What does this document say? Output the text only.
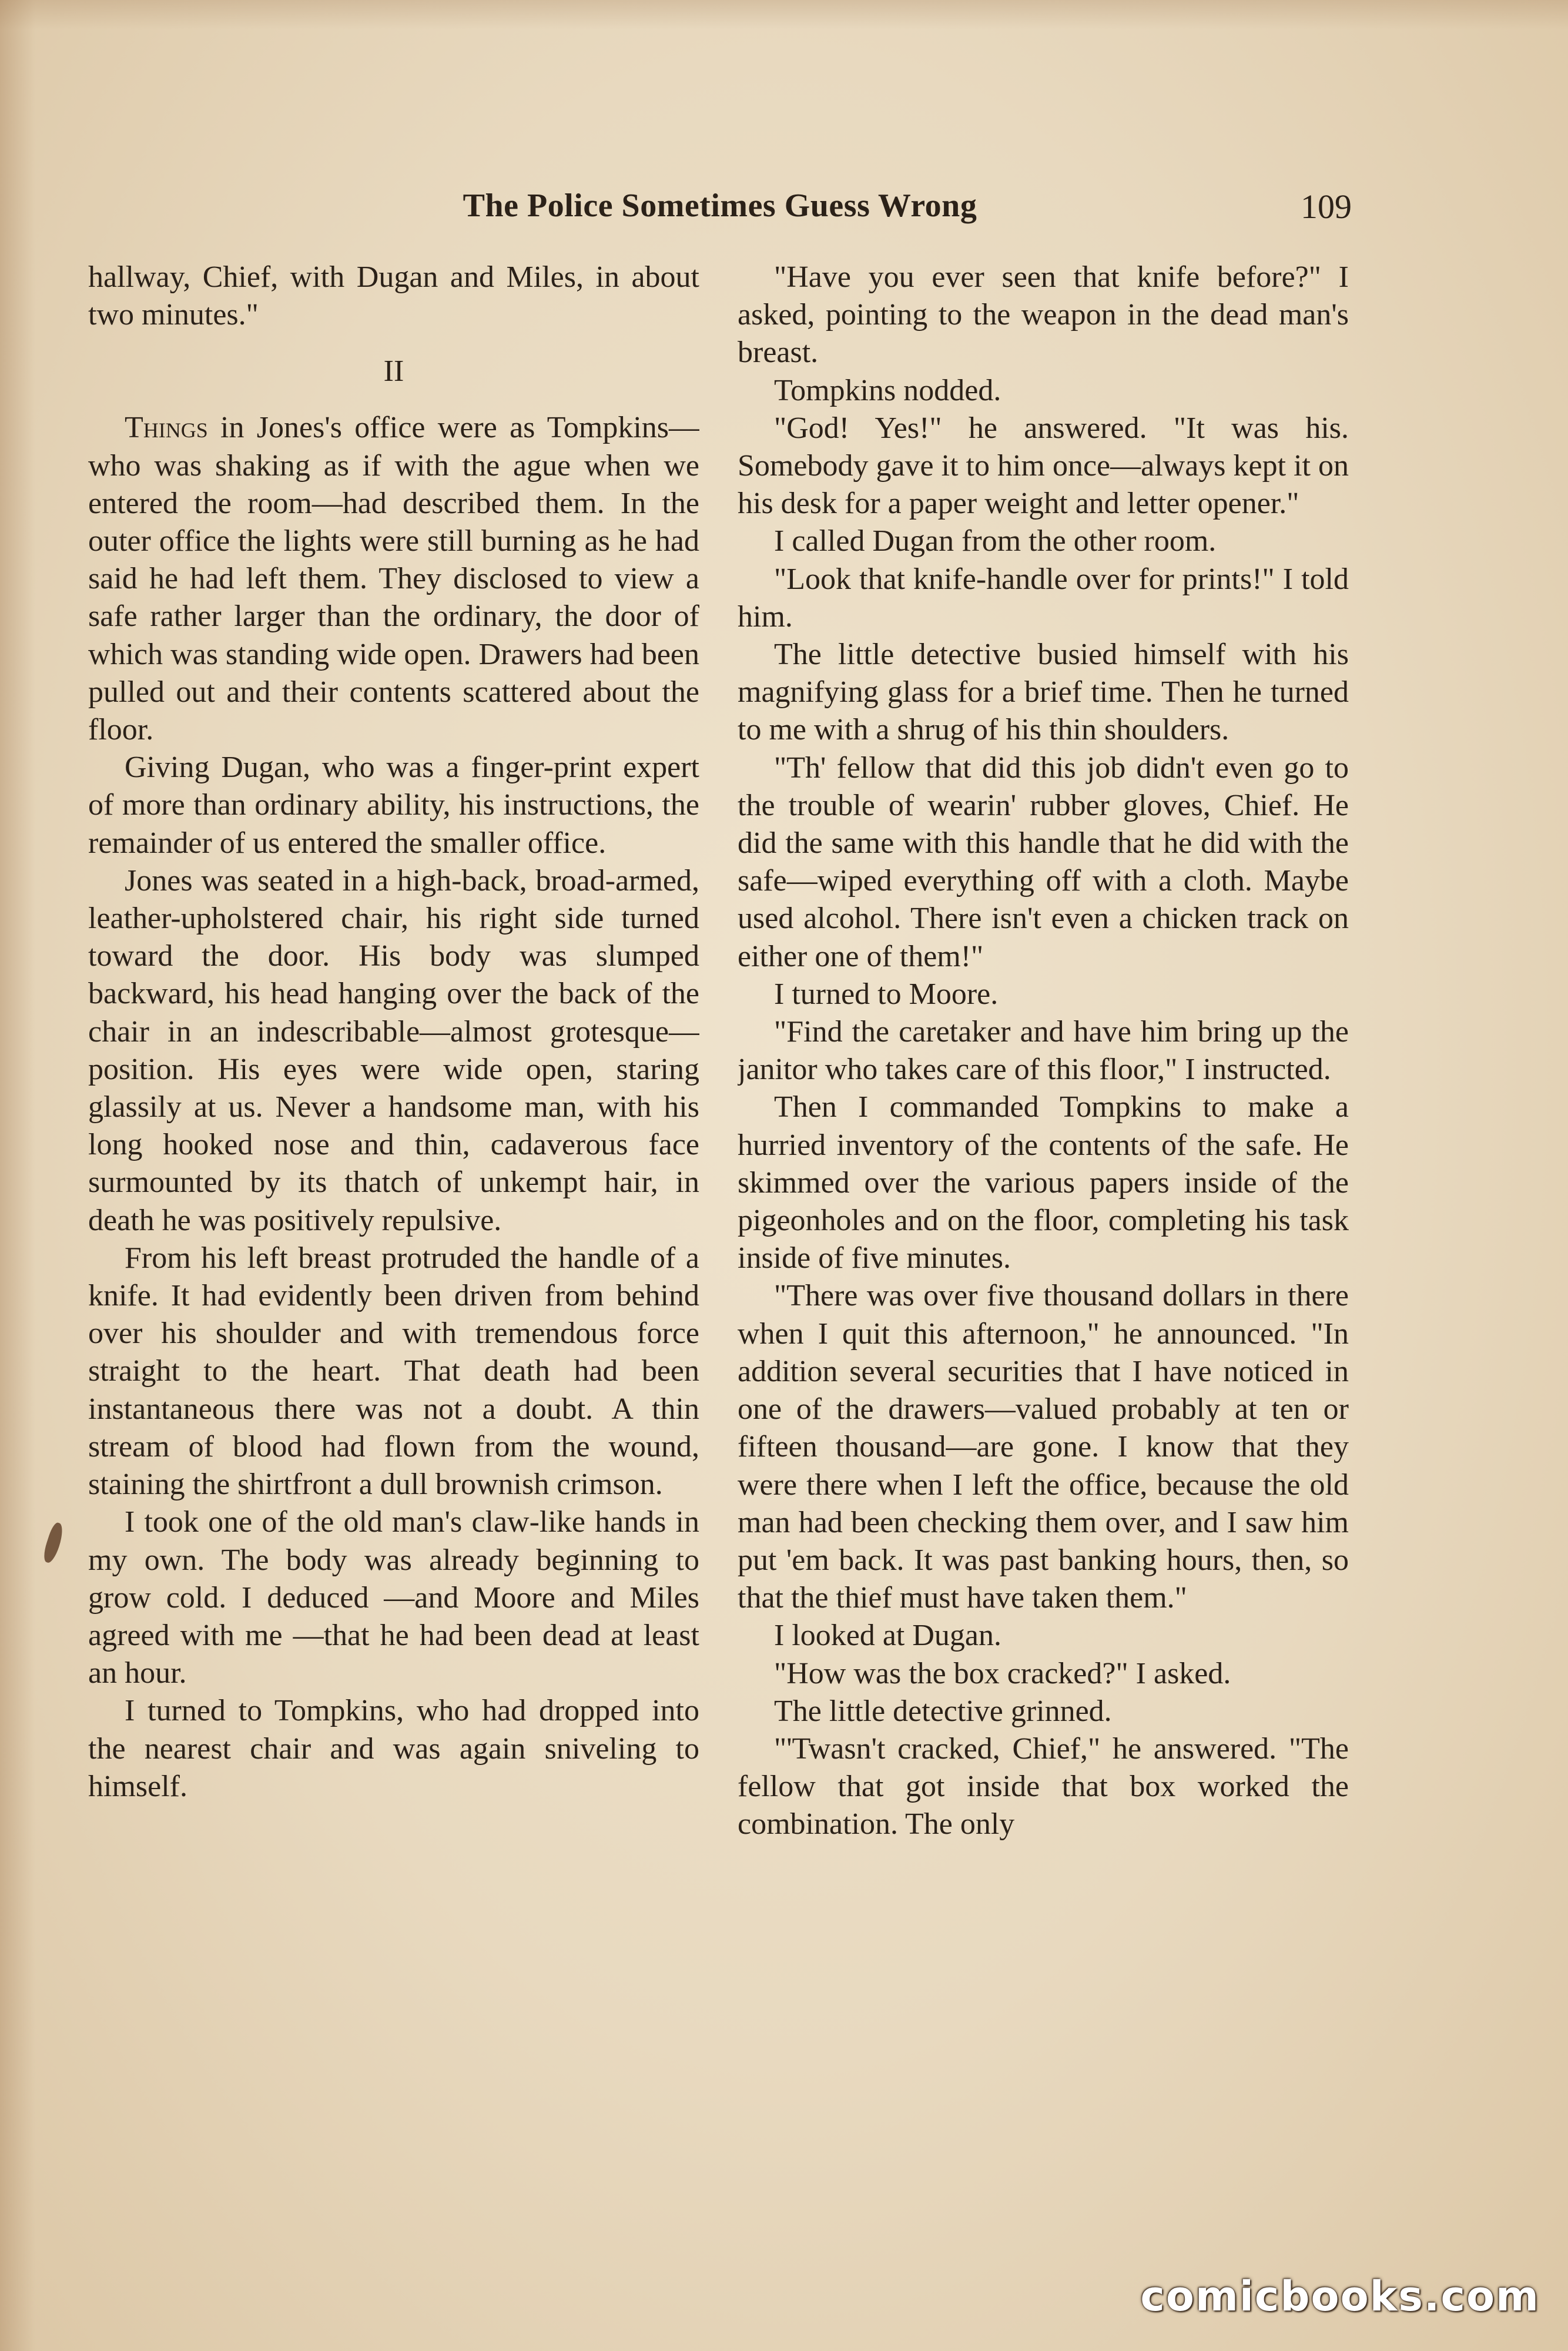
The Police Sometimes Guess Wrong	109

hallway, Chief, with Dugan and Miles, in about two minutes."

II

Things in Jones's office were as Tompkins—who was shaking as if with the ague when we entered the room—had described them. In the outer office the lights were still burning as he had said he had left them. They disclosed to view a safe rather larger than the ordinary, the door of which was standing wide open. Drawers had been pulled out and their contents scattered about the floor.

Giving Dugan, who was a finger-print expert of more than ordinary ability, his instructions, the remainder of us entered the smaller office.

Jones was seated in a high-back, broad-armed, leather-upholstered chair, his right side turned toward the door. His body was slumped backward, his head hanging over the back of the chair in an indescribable—almost grotesque—position. His eyes were wide open, staring glassily at us. Never a handsome man, with his long hooked nose and thin, cadaverous face surmounted by its thatch of unkempt hair, in death he was positively repulsive.

From his left breast protruded the handle of a knife. It had evidently been driven from behind over his shoulder and with tremendous force straight to the heart. That death had been instantaneous there was not a doubt. A thin stream of blood had flown from the wound, staining the shirtfront a dull brownish crimson.

I took one of the old man's claw-like hands in my own. The body was already beginning to grow cold. I deduced —and Moore and Miles agreed with me —that he had been dead at least an hour.

I turned to Tompkins, who had dropped into the nearest chair and was again sniveling to himself.

"Have you ever seen that knife before?" I asked, pointing to the weapon in the dead man's breast.

Tompkins nodded.

"God! Yes!" he answered. "It was his. Somebody gave it to him once—always kept it on his desk for a paper weight and letter opener."

I called Dugan from the other room.

"Look that knife-handle over for prints!" I told him.

The little detective busied himself with his magnifying glass for a brief time. Then he turned to me with a shrug of his thin shoulders.

"Th' fellow that did this job didn't even go to the trouble of wearin' rubber gloves, Chief. He did the same with this handle that he did with the safe—wiped everything off with a cloth. Maybe used alcohol. There isn't even a chicken track on either one of them!"

I turned to Moore.

"Find the caretaker and have him bring up the janitor who takes care of this floor," I instructed.

Then I commanded Tompkins to make a hurried inventory of the contents of the safe. He skimmed over the various papers inside of the pigeonholes and on the floor, completing his task inside of five minutes.

"There was over five thousand dollars in there when I quit this afternoon," he announced. "In addition several securities that I have noticed in one of the drawers—valued probably at ten or fifteen thousand—are gone. I know that they were there when I left the office, because the old man had been checking them over, and I saw him put 'em back. It was past banking hours, then, so that the thief must have taken them."

I looked at Dugan.

"How was the box cracked?" I asked.

The little detective grinned.

"'Twasn't cracked, Chief," he answered. "The fellow that got inside that box worked the combination. The only

comicbooks.com
